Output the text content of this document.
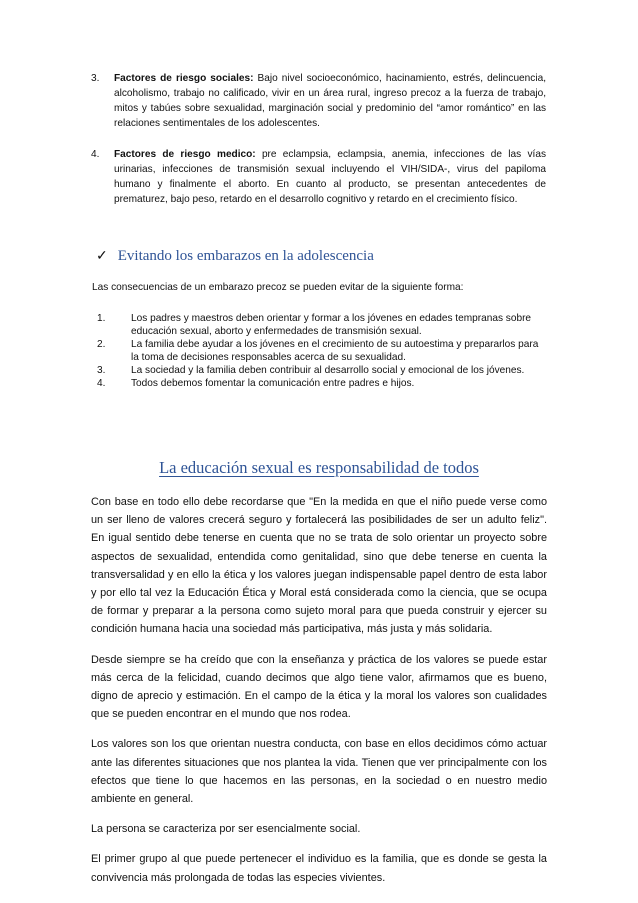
3. Factores de riesgo sociales: Bajo nivel socioeconómico, hacinamiento, estrés, delincuencia, alcoholismo, trabajo no calificado, vivir en un área rural, ingreso precoz a la fuerza de trabajo, mitos y tabúes sobre sexualidad, marginación social y predominio del “amor romántico” en las relaciones sentimentales de los adolescentes.
4. Factores de riesgo medico: pre eclampsia, eclampsia, anemia, infecciones de las vías urinarias, infecciones de transmisión sexual incluyendo el VIH/SIDA-, virus del papiloma humano y finalmente el aborto. En cuanto al producto, se presentan antecedentes de prematurez, bajo peso, retardo en el desarrollo cognitivo y retardo en el crecimiento físico.
✓ Evitando los embarazos en la adolescencia
Las consecuencias de un embarazo precoz se pueden evitar de la siguiente forma:
1.	Los padres y maestros deben orientar y formar a los jóvenes en edades tempranas sobre educación sexual, aborto y enfermedades de transmisión sexual.
2.	La familia debe ayudar a los jóvenes en el crecimiento de su autoestima y prepararlos para la toma de decisiones responsables acerca de su sexualidad.
3.	La sociedad y la familia deben contribuir al desarrollo social y emocional de los jóvenes.
4.	Todos debemos fomentar la comunicación entre padres e hijos.
La educación sexual es responsabilidad de todos

Con base en todo ello debe recordarse que "En la medida en que el niño puede verse como un ser lleno de valores crecerá seguro y fortalecerá las posibilidades de ser un adulto feliz". En igual sentido debe tenerse en cuenta que no se trata de solo orientar un proyecto sobre aspectos de sexualidad, entendida como genitalidad, sino que debe tenerse en cuenta la transversalidad y en ello la ética y los valores juegan indispensable papel dentro de esta labor y por ello tal vez la Educación Ética y Moral está considerada como la ciencia, que se ocupa de formar y preparar a la persona como sujeto moral para que pueda construir y ejercer su condición humana hacia una sociedad más participativa, más justa y más solidaria.

Desde siempre se ha creído que con la enseñanza y práctica de los valores se puede estar más cerca de la felicidad, cuando decimos que algo tiene valor, afirmamos que es bueno, digno de aprecio y estimación. En el campo de la ética y la moral los valores son cualidades que se pueden encontrar en el mundo que nos rodea.

Los valores son los que orientan nuestra conducta, con base en ellos decidimos cómo actuar ante las diferentes situaciones que nos plantea la vida. Tienen que ver principalmente con los efectos que tiene lo que hacemos en las personas, en la sociedad o en nuestro medio ambiente en general.

La persona se caracteriza por ser esencialmente social.

El primer grupo al que puede pertenecer el individuo es la familia, que es donde se gesta la convivencia más prolongada de todas las especies vivientes.
